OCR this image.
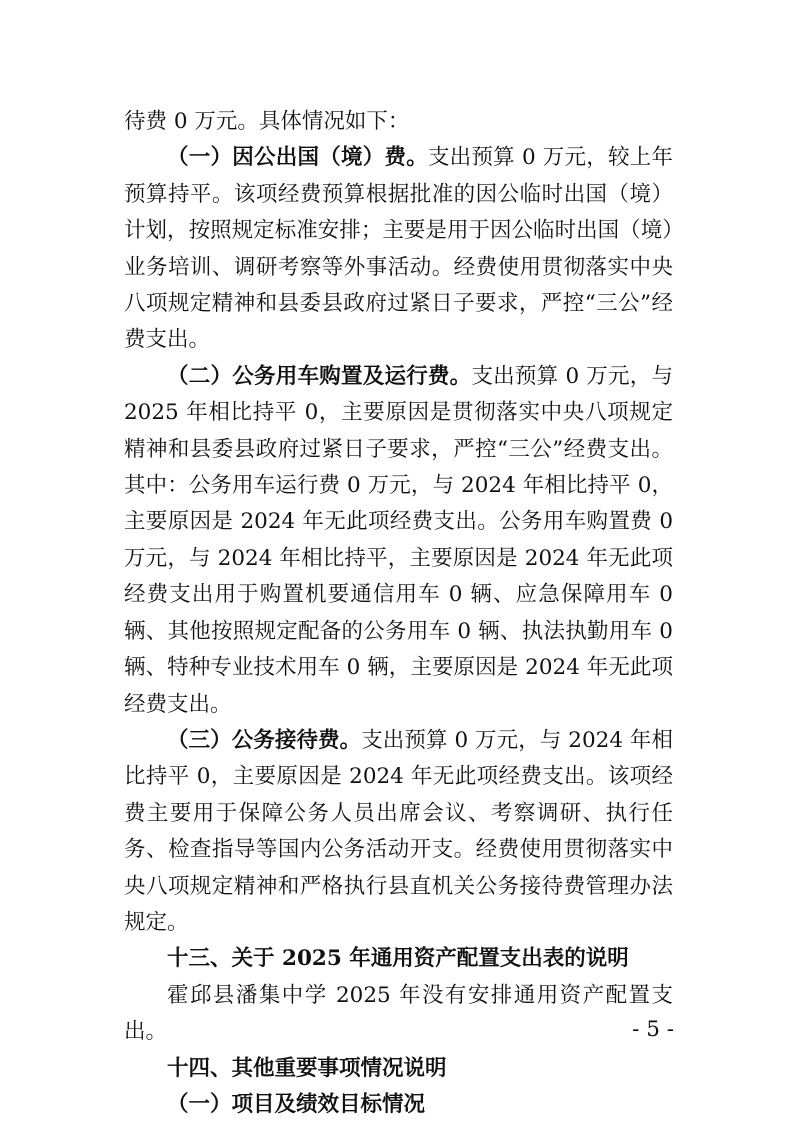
待费 0 万元。具体情况如下：

（一）因公出国（境）费。支出预算 0 万元，较上年预算持平。该项经费预算根据批准的因公临时出国（境）计划，按照规定标准安排；主要是用于因公临时出国（境）业务培训、调研考察等外事活动。经费使用贯彻落实中央八项规定精神和县委县政府过紧日子要求，严控“三公”经费支出。

（二）公务用车购置及运行费。支出预算 0 万元，与 2025 年相比持平 0，主要原因是贯彻落实中央八项规定精神和县委县政府过紧日子要求，严控“三公”经费支出。其中：公务用车运行费 0 万元，与 2024 年相比持平 0，主要原因是 2024 年无此项经费支出。公务用车购置费 0 万元，与 2024 年相比持平，主要原因是 2024 年无此项经费支出用于购置机要通信用车 0 辆、应急保障用车 0 辆、其他按照规定配备的公务用车 0 辆、执法执勤用车 0 辆、特种专业技术用车 0 辆，主要原因是 2024 年无此项经费支出。

（三）公务接待费。支出预算 0 万元，与 2024 年相比持平 0，主要原因是 2024 年无此项经费支出。该项经费主要用于保障公务人员出席会议、考察调研、执行任务、检查指导等国内公务活动开支。经费使用贯彻落实中央八项规定精神和严格执行县直机关公务接待费管理办法规定。

十三、关于 2025 年通用资产配置支出表的说明

霍邱县潘集中学 2025 年没有安排通用资产配置支出。

十四、其他重要事项情况说明

（一）项目及绩效目标情况

- 5 -
